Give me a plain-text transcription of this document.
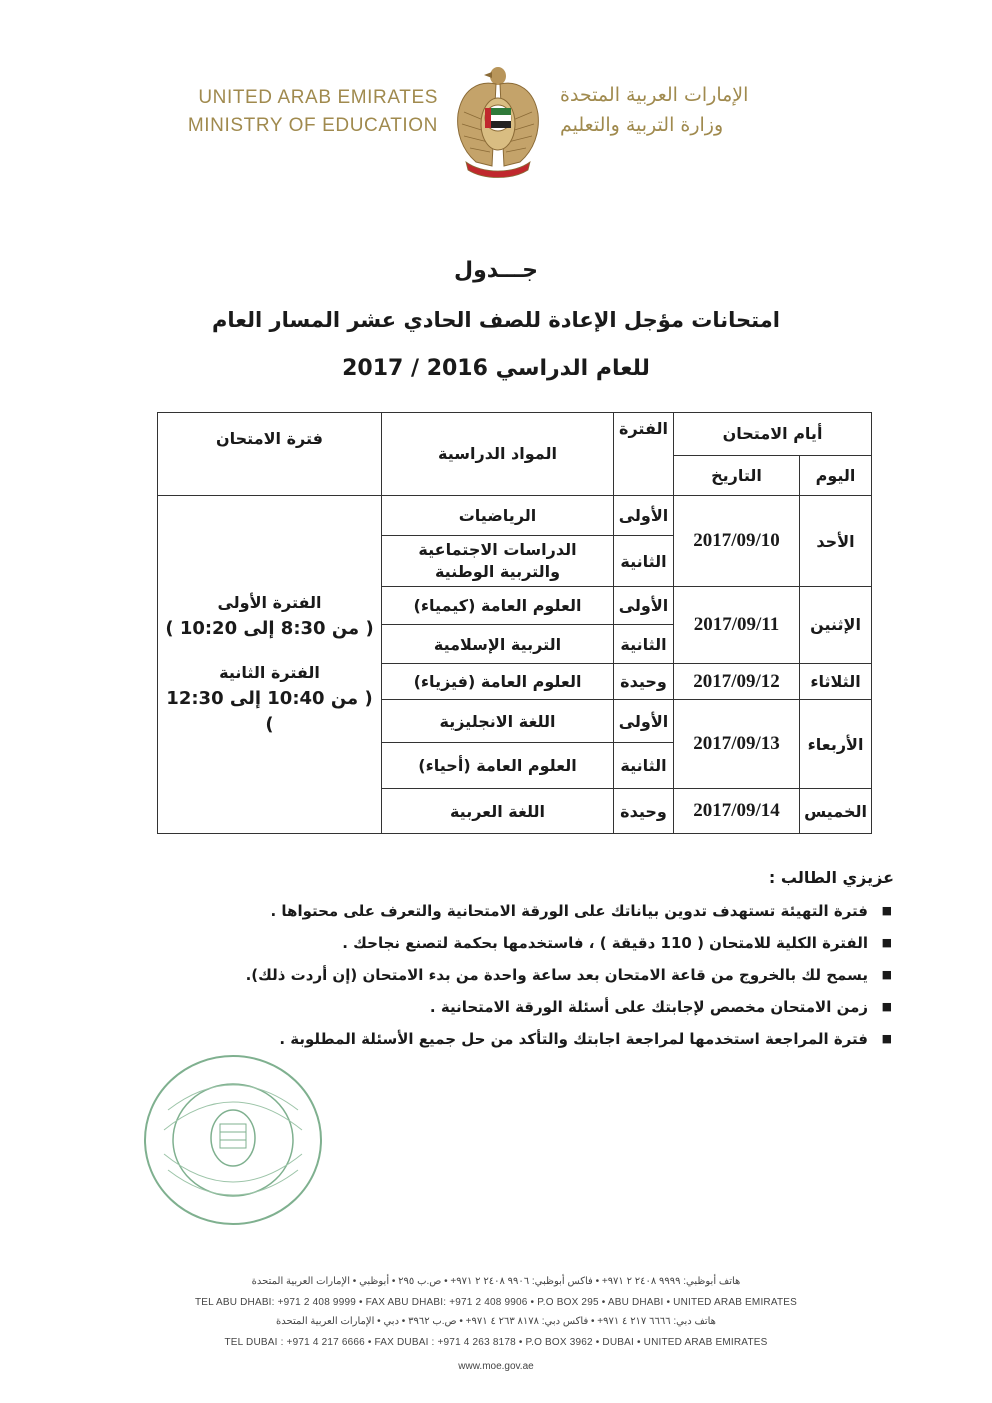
UNITED ARAB EMIRATES
MINISTRY OF EDUCATION
الإمارات العربية المتحدة
وزارة التربية والتعليم
جـــدول
امتحانات مؤجل الإعادة للصف الحادي عشر المسار العام
للعام الدراسي 2016 / 2017
أيام الامتحان		الفترة	المواد الدراسية	فترة الامتحان
اليوم	التاريخ			
الأحد	2017/09/10	الأولى	الرياضيات	الفترة الأولى
( من 8:30 إلى 10:20 )
الفترة الثانية
( من 10:40 إلى 12:30 )

		الثانية	الدراسات الاجتماعية والتربية الوطنية	
الإثنين	2017/09/11	الأولى	العلوم العامة (كيمياء)	
		الثانية	التربية الإسلامية	
الثلاثاء	2017/09/12	وحيدة	العلوم العامة (فيزياء)	
الأربعاء	2017/09/13	الأولى	اللغة الانجليزية	
		الثانية	العلوم العامة (أحياء)	
الخميس	2017/09/14	وحيدة	اللغة العربية	
عزيزي الطالب :
■
فترة التهيئة تستهدف تدوين بياناتك على الورقة الامتحانية والتعرف على محتواها .
■
الفترة الكلية للامتحان ( 110 دقيقة ) ، فاستخدمها بحكمة لتصنع نجاحك .
■
يسمح لك بالخروج من قاعة الامتحان بعد ساعة واحدة من بدء الامتحان (إن أردت ذلك).
■
زمن الامتحان مخصص لإجابتك على أسئلة الورقة الامتحانية .
■
فترة المراجعة استخدمها لمراجعة اجابتك والتأكد من حل جميع الأسئلة المطلوبة .
هاتف أبوظبي: ٩٩٩٩ ٢٤٠٨ ٢ ٩٧١+ • فاكس أبوظبي: ٩٩٠٦ ٢٤٠٨ ٢ ٩٧١+ • ص.ب ٢٩٥ • أبوظبي • الإمارات العربية المتحدة
TEL ABU DHABI: +971 2 408 9999 • FAX ABU DHABI: +971 2 408 9906 • P.O BOX 295 • ABU DHABI • UNITED ARAB EMIRATES
هاتف دبي: ٦٦٦٦ ٢١٧ ٤ ٩٧١+ • فاكس دبي: ٨١٧٨ ٢٦٣ ٤ ٩٧١+ • ص.ب ٣٩٦٢ • دبي • الإمارات العربية المتحدة
TEL DUBAI : +971 4 217 6666 • FAX DUBAI : +971 4 263 8178 • P.O BOX 3962 • DUBAI • UNITED ARAB EMIRATES
www.moe.gov.ae
